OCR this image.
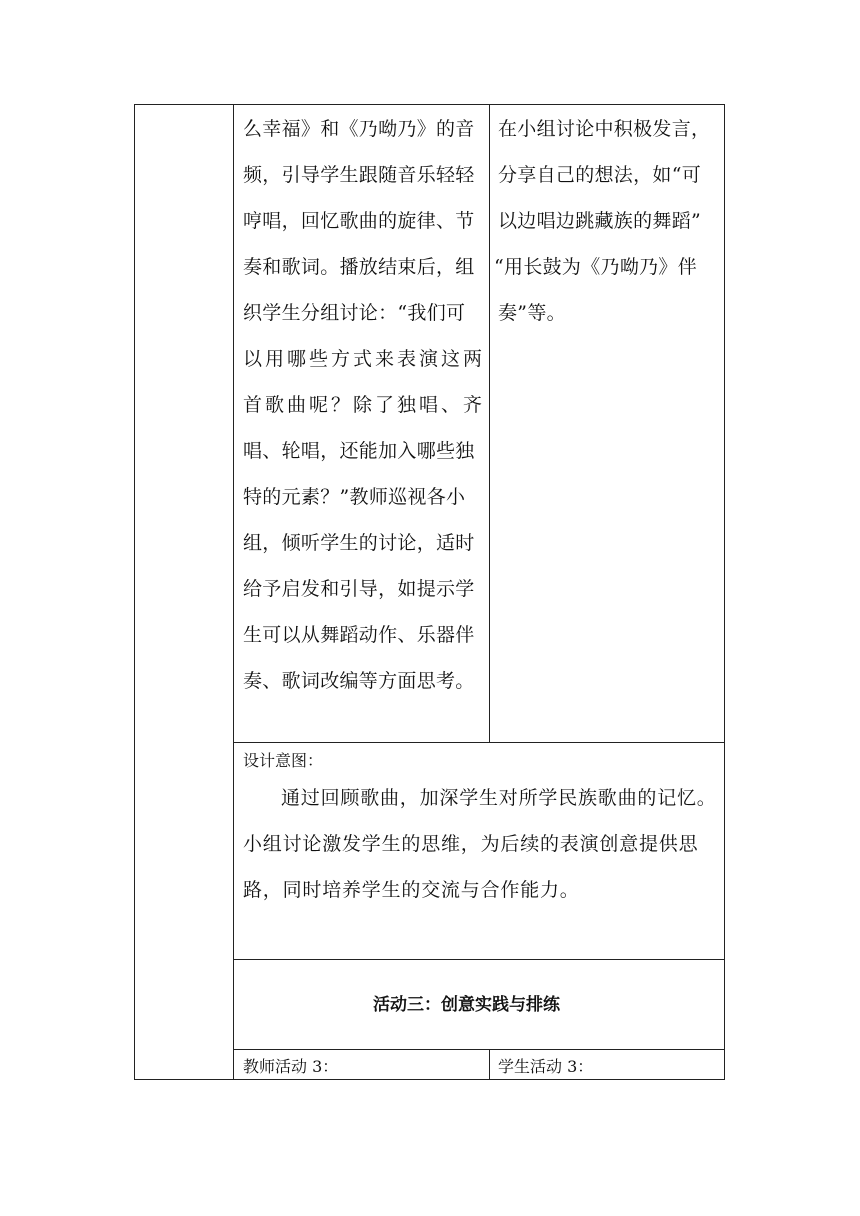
么幸福》和《乃呦乃》的音
频，引导学生跟随音乐轻轻
哼唱，回忆歌曲的旋律、节
奏和歌词。播放结束后，组
织学生分组讨论：“我们可
以用哪些方式来表演这两
首歌曲呢？除了独唱、齐
唱、轮唱，还能加入哪些独
特的元素？”教师巡视各小
组，倾听学生的讨论，适时
给予启发和引导，如提示学
生可以从舞蹈动作、乐器伴
奏、歌词改编等方面思考。
在小组讨论中积极发言，
分享自己的想法，如“可
以边唱边跳藏族的舞蹈”
“用长鼓为《乃呦乃》伴
奏”等。
设计意图：
通过回顾歌曲，加深学生对所学民族歌曲的记忆。
小组讨论激发学生的思维，为后续的表演创意提供思
路，同时培养学生的交流与合作能力。
活动三：创意实践与排练
教师活动 3：	学生活动 3：
